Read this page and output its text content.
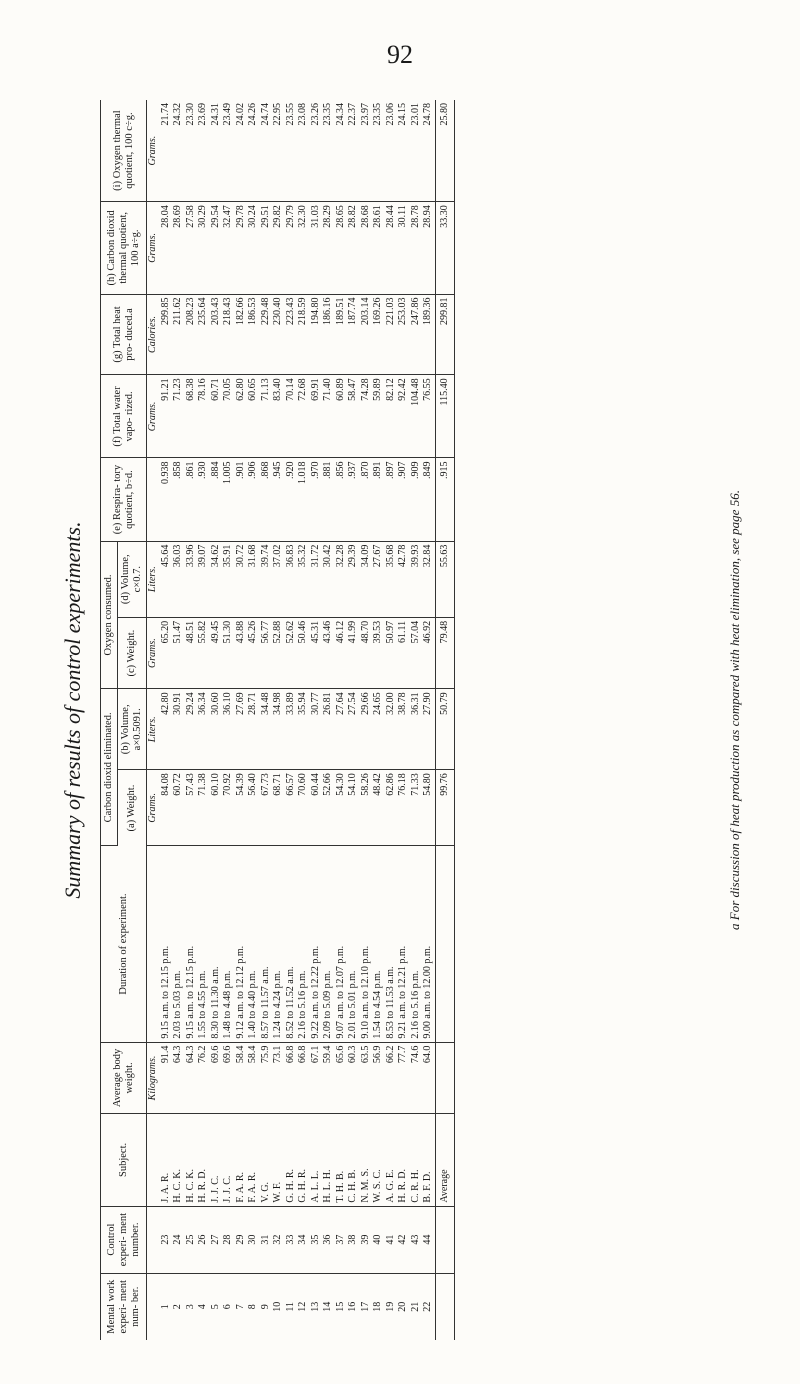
92
Summary of results of control experiments.
Mental work experi- ment num- ber.	Control experi- ment number.	Subject.	Average body weight.	Duration of experiment.	Carbon dioxid eliminated.		Oxygen consumed.		(e) Respira- tory quotient, b÷d.	(f) Total water vapo- rized.	(g) Total heat pro- duced.a	(h) Carbon dioxid thermal quotient, 100 a÷g.	(i) Oxygen thermal quotient, 100 c÷g.
					(a) Weight.	(b) Volume, a×0.5091.	(c) Weight.	(d) Volume, c×0.7.					
			Kilograms.		Grams.	Liters.	Grams.	Liters.		Grams.	Calories.	Grams.	Grams.
1	23	J. A. R.	91.4	9.15 a.m. to 12.15 p.m.	84.08	42.80	65.20	45.64	0.938	91.21	299.85	28.04	21.74
2	24	H. C. K.	64.3	2.03 to 5.03 p.m.	60.72	30.91	51.47	36.03	.858	71.23	211.62	28.69	24.32
3	25	H. C. K.	64.3	9.15 a.m. to 12.15 p.m.	57.43	29.24	48.51	33.96	.861	68.38	208.23	27.58	23.30
4	26	H. R. D.	76.2	1.55 to 4.55 p.m.	71.38	36.34	55.82	39.07	.930	78.16	235.64	30.29	23.69
5	27	J. J. C.	69.6	8.30 to 11.30 a.m.	60.10	30.60	49.45	34.62	.884	60.71	203.43	29.54	24.31
6	28	J. J. C.	69.6	1.48 to 4.48 p.m.	70.92	36.10	51.30	35.91	1.005	70.05	218.43	32.47	23.49
7	29	F. A. R.	58.4	9.12 a.m. to 12.12 p.m.	54.39	27.69	43.88	30.72	.901	62.80	182.66	29.78	24.02
8	30	F. A. R.	58.4	1.40 to 4.40 p.m.	56.40	28.71	45.26	31.68	.906	60.65	186.53	30.24	24.26
9	31	V. G.	75.9	8.57 to 11.57 a.m.	67.73	34.48	56.77	39.74	.868	71.13	229.48	29.51	24.74
10	32	W. F.	73.1	1.24 to 4.24 p.m.	68.71	34.98	52.88	37.02	.945	83.40	230.40	29.82	22.95
11	33	G. H. R.	66.8	8.52 to 11.52 a.m.	66.57	33.89	52.62	36.83	.920	70.14	223.43	29.79	23.55
12	34	G. H. R.	66.8	2.16 to 5.16 p.m.	70.60	35.94	50.46	35.32	1.018	72.68	218.59	32.30	23.08
13	35	A. L. L.	67.1	9.22 a.m. to 12.22 p.m.	60.44	30.77	45.31	31.72	.970	69.91	194.80	31.03	23.26
14	36	H. L. H.	59.4	2.09 to 5.09 p.m.	52.66	26.81	43.46	30.42	.881	71.40	186.16	28.29	23.35
15	37	T. H. B.	65.6	9.07 a.m. to 12.07 p.m.	54.30	27.64	46.12	32.28	.856	60.89	189.51	28.65	24.34
16	38	C. H. B.	60.3	2.01 to 5.01 p.m.	54.10	27.54	41.99	29.39	.937	58.47	187.74	28.82	22.37
17	39	N. M. S.	63.5	9.10 a.m. to 12.10 p.m.	58.26	29.66	48.70	34.09	.870	74.28	203.14	28.68	23.97
18	40	W. S. C.	56.9	1.54 to 4.54 p.m.	48.42	24.65	39.53	27.67	.891	59.89	169.26	28.61	23.35
19	41	A. G. E.	66.2	8.53 to 11.53 a.m.	62.86	32.00	50.97	35.68	.897	82.12	221.03	28.44	23.06
20	42	H. R. D.	77.7	9.21 a.m. to 12.21 p.m.	76.18	38.78	61.11	42.78	.907	92.42	253.03	30.11	24.15
21	43	C. R. H.	74.6	2.16 to 5.16 p.m.	71.33	36.31	57.04	39.93	.909	104.48	247.86	28.78	23.01
22	44	B. F. D.	64.0	9.00 a.m. to 12.00 p.m.	54.80	27.90	46.92	32.84	.849	76.55	189.36	28.94	24.78
		Average			99.76	50.79	79.48	55.63	.915	115.40	299.81	33.30	25.80
a For discussion of heat production as compared with heat elimination, see page 56.
